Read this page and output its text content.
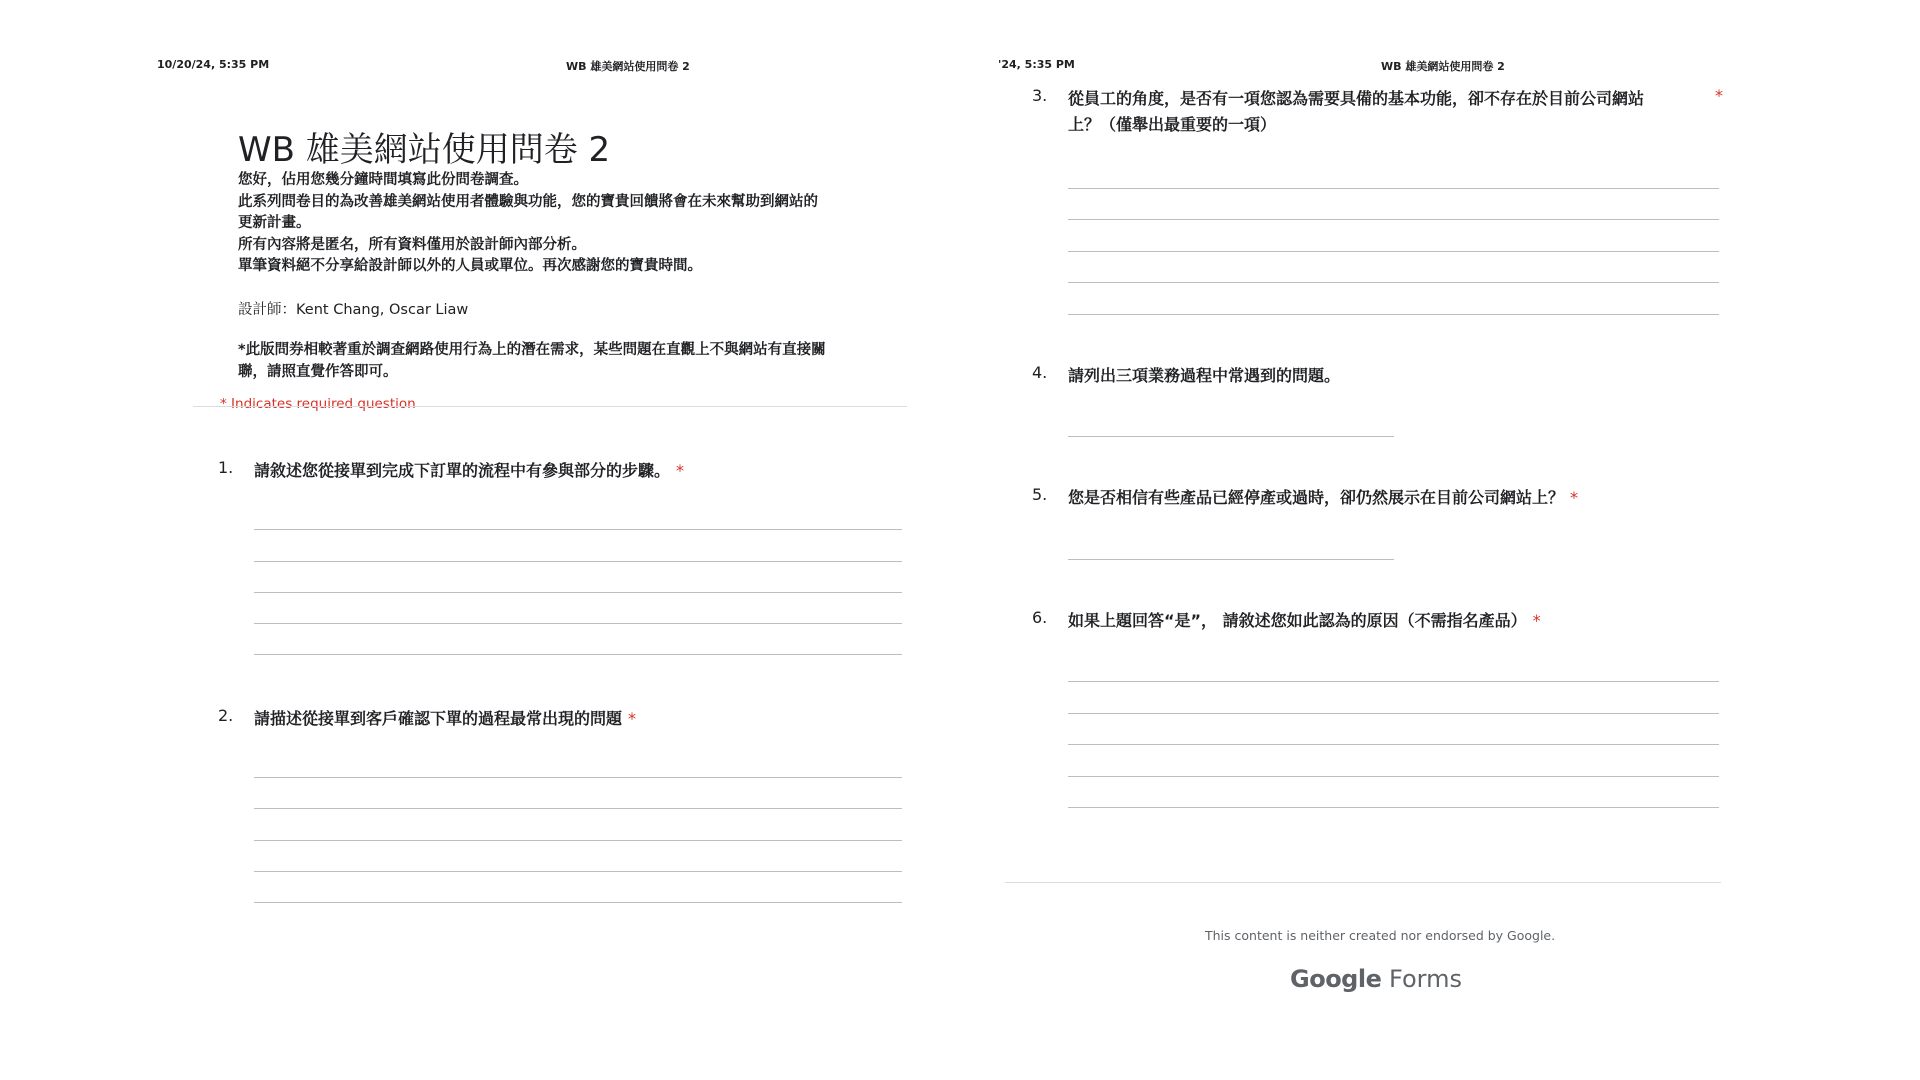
10/20/24, 5:35 PM	WB 雄美網站使用問卷 2
WB 雄美網站使用問卷 2
您好，佔用您幾分鐘時間填寫此份問卷調查。
此系列問卷目的為改善雄美網站使用者體驗與功能，您的寶貴回饋將會在未來幫助到網站的
更新計畫。
所有內容將是匿名，所有資料僅用於設計師內部分析。
單筆資料絕不分享給設計師以外的人員或單位。再次感謝您的寶貴時間。
設計師：Kent Chang, Oscar Liaw
*此版問券相較著重於調查網路使用行為上的潛在需求，某些問題在直觀上不與網站有直接關
聯，請照直覺作答即可。
* Indicates required question
1. 請敘述您從接單到完成下訂單的流程中有參與部分的步驟。 *
2. 請描述從接單到客戶確認下單的過程最常出現的問題 *
'24, 5:35 PM	WB 雄美網站使用問卷 2
3. 從員工的角度，是否有一項您認為需要具備的基本功能，卻不存在於目前公司網站
上？（僅舉出最重要的一項）
*
4. 請列出三項業務過程中常遇到的問題。
5. 您是否相信有些產品已經停產或過時，卻仍然展示在目前公司網站上？ *
6. 如果上題回答“是”， 請敘述您如此認為的原因（不需指名產品） *
This content is neither created nor endorsed by Google.
Google Forms
